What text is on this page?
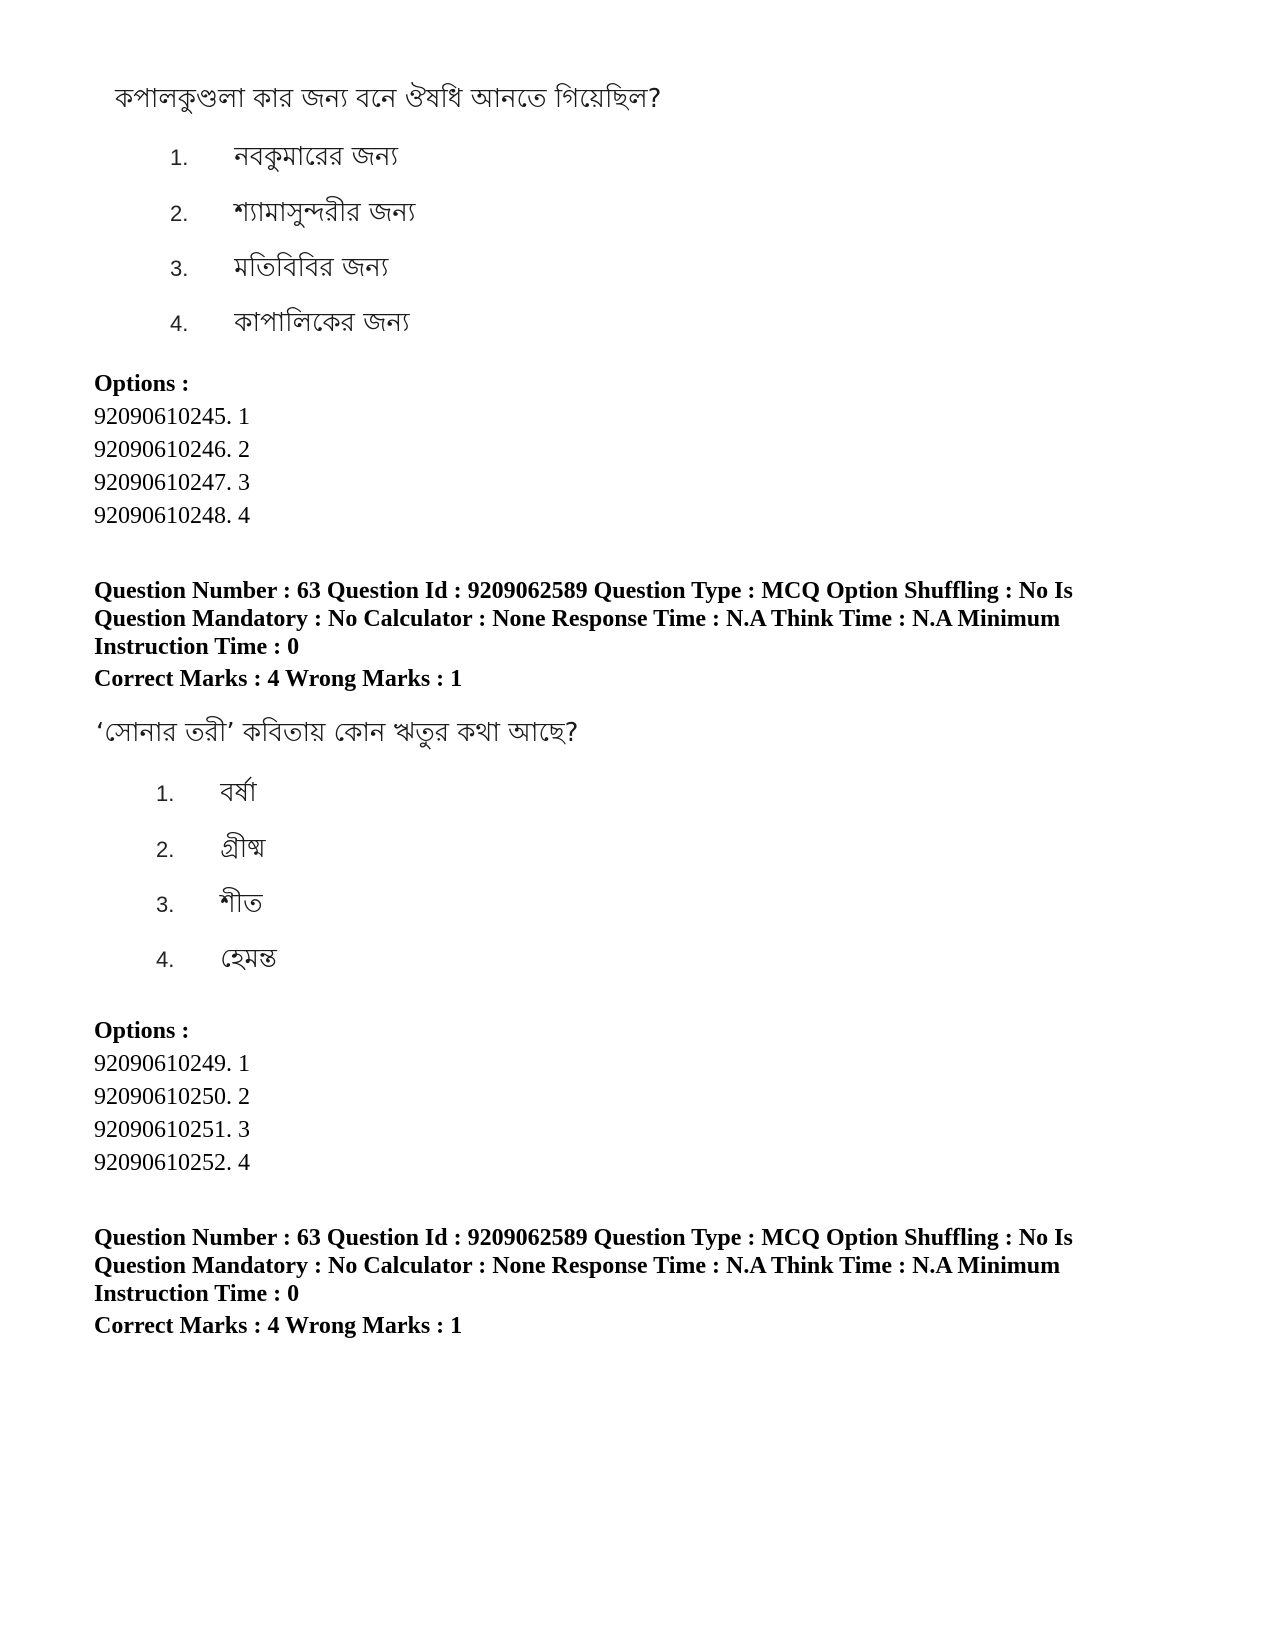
কপালকুণ্ডলা কার জন্য বনে ঔষধি আনতে গিয়েছিল?
1. নবকুমারের জন্য
2. শ্যামাসুন্দরীর জন্য
3. মতিবিবির জন্য
4. কাপালিকের জন্য
Options :
92090610245. 1
92090610246. 2
92090610247. 3
92090610248. 4
Question Number : 63 Question Id : 9209062589 Question Type : MCQ Option Shuffling : No Is
Question Mandatory : No Calculator : None Response Time : N.A Think Time : N.A Minimum
Instruction Time : 0
Correct Marks : 4 Wrong Marks : 1
‘সোনার তরী’ কবিতায় কোন ঋতুর কথা আছে?
1. বর্ষা
2. গ্রীষ্ম
3. শীত
4. হেমন্ত
Options :
92090610249. 1
92090610250. 2
92090610251. 3
92090610252. 4
Question Number : 63 Question Id : 9209062589 Question Type : MCQ Option Shuffling : No Is
Question Mandatory : No Calculator : None Response Time : N.A Think Time : N.A Minimum
Instruction Time : 0
Correct Marks : 4 Wrong Marks : 1
